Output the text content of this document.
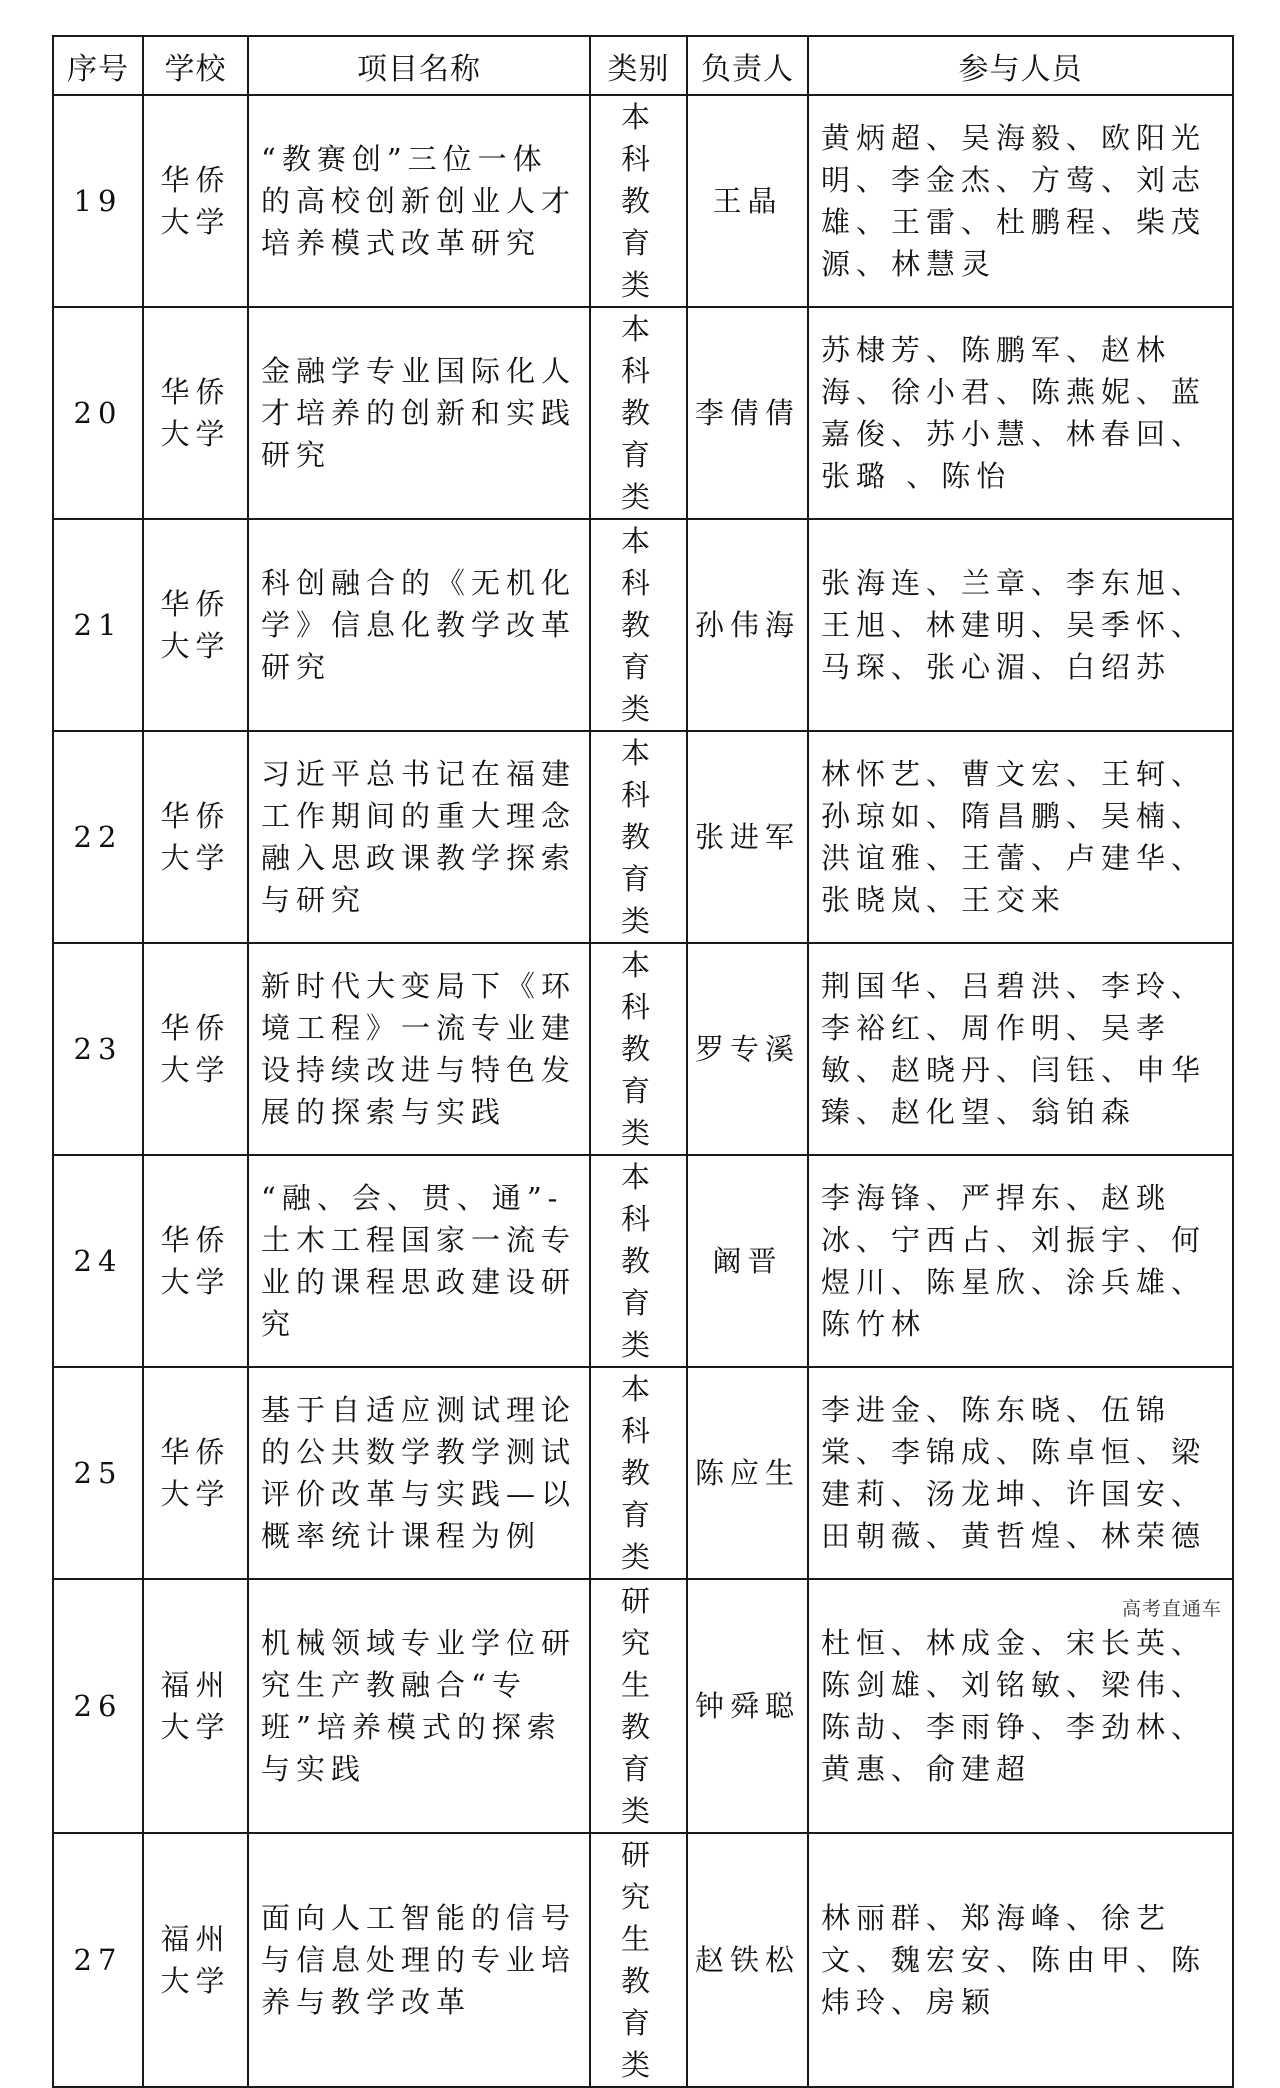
序号	学校	项目名称	类别	负责人	参与人员
19	华侨大学	“教赛创”三位一体的高校创新创业人才培养模式改革研究	本科教育类	王晶	黄炳超、吴海毅、欧阳光明、李金杰、方莺、刘志雄、王雷、杜鹏程、柴茂源、林慧灵
20	华侨大学	金融学专业国际化人才培养的创新和实践研究	本科教育类	李倩倩	苏棣芳、陈鹏军、赵林海、徐小君、陈燕妮、蓝嘉俊、苏小慧、林春回、张璐 、陈怡
21	华侨大学	科创融合的《无机化学》信息化教学改革研究	本科教育类	孙伟海	张海连、兰章、李东旭、王旭、林建明、吴季怀、马琛、张心湄、白绍苏
22	华侨大学	习近平总书记在福建工作期间的重大理念融入思政课教学探索与研究	本科教育类	张进军	林怀艺、曹文宏、王轲、孙琼如、隋昌鹏、吴楠、洪谊雅、王蕾、卢建华、张晓岚、王交来
23	华侨大学	新时代大变局下《环境工程》一流专业建设持续改进与特色发展的探索与实践	本科教育类	罗专溪	荆国华、吕碧洪、李玲、李裕红、周作明、吴孝敏、赵晓丹、闫钰、申华臻、赵化望、翁铂森
24	华侨大学	“融、会、贯、通”-土木工程国家一流专业的课程思政建设研究	本科教育类	阚晋	李海锋、严捍东、赵珧冰、宁西占、刘振宇、何煜川、陈星欣、涂兵雄、陈竹林
25	华侨大学	基于自适应测试理论的公共数学教学测试评价改革与实践—以概率统计课程为例	本科教育类	陈应生	李进金、陈东晓、伍锦棠、李锦成、陈卓恒、梁建莉、汤龙坤、许国安、田朝薇、黄哲煌、林荣德
26	福州大学	机械领域专业学位研究生产教融合“专班”培养模式的探索与实践	研究生教育类	钟舜聪	杜恒、林成金、宋长英、陈剑雄、刘铭敏、梁伟、陈劼、李雨铮、李劲林、黄惠、俞建超
27	福州大学	面向人工智能的信号与信息处理的专业培养与教学改革	研究生教育类	赵铁松	林丽群、郑海峰、徐艺文、魏宏安、陈由甲、陈炜玲、房颖
高考直通车
